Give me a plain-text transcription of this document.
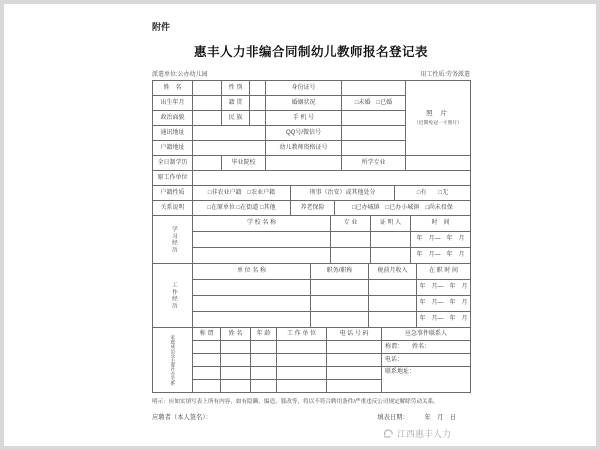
附件
惠丰人力非编合同制幼儿教师报名登记表
派遣单位:公办幼儿园	用工性质:劳务派遣
姓　名		性 别		身份证号		照 片
（近期免冠一寸照片）

出生年月		籍 贯		婚姻状况	□未婚　□已婚	
政治面貌		民 族		手 机 号		
通讯地址				QQ号/微信号		
户籍地址				幼儿教师资格证号		
全日制学历		毕业院校		所学专业	
原工作单位					
户籍性质	□非农业户籍　□农业户籍	刑事（治安）或其他处分		□有　　□无
关系说明	□在原单位 □在街道 □其他	养老保险	□已办城镇　□已办小城镇　□尚未投保	
学习经历	学 校 名 称	专 业	证 明 人	时　间
				年　月—　年　月
				年　月—　年　月
工作经历	单 位 名 称	职务/职称	税前月收入	在 职 时 间
				年　月—　年　月
				年　月—　年　月
				年　月—　年　月
家庭成员及主要社会关系	称 谓	姓 名	年 龄	工 作 单 位	电 话 号 码	应急事件联系人
						称谓：　　姓名：
						电话：
						联系地址：

明示：应如实填写表上所有内容，如有隐瞒、编造、篡改等，将以不符合聘用条件/严重违反公司规定解除劳动关系。
应聘者（本人签名）：	填表日期：　　　年　月　日
江西惠丰人力
